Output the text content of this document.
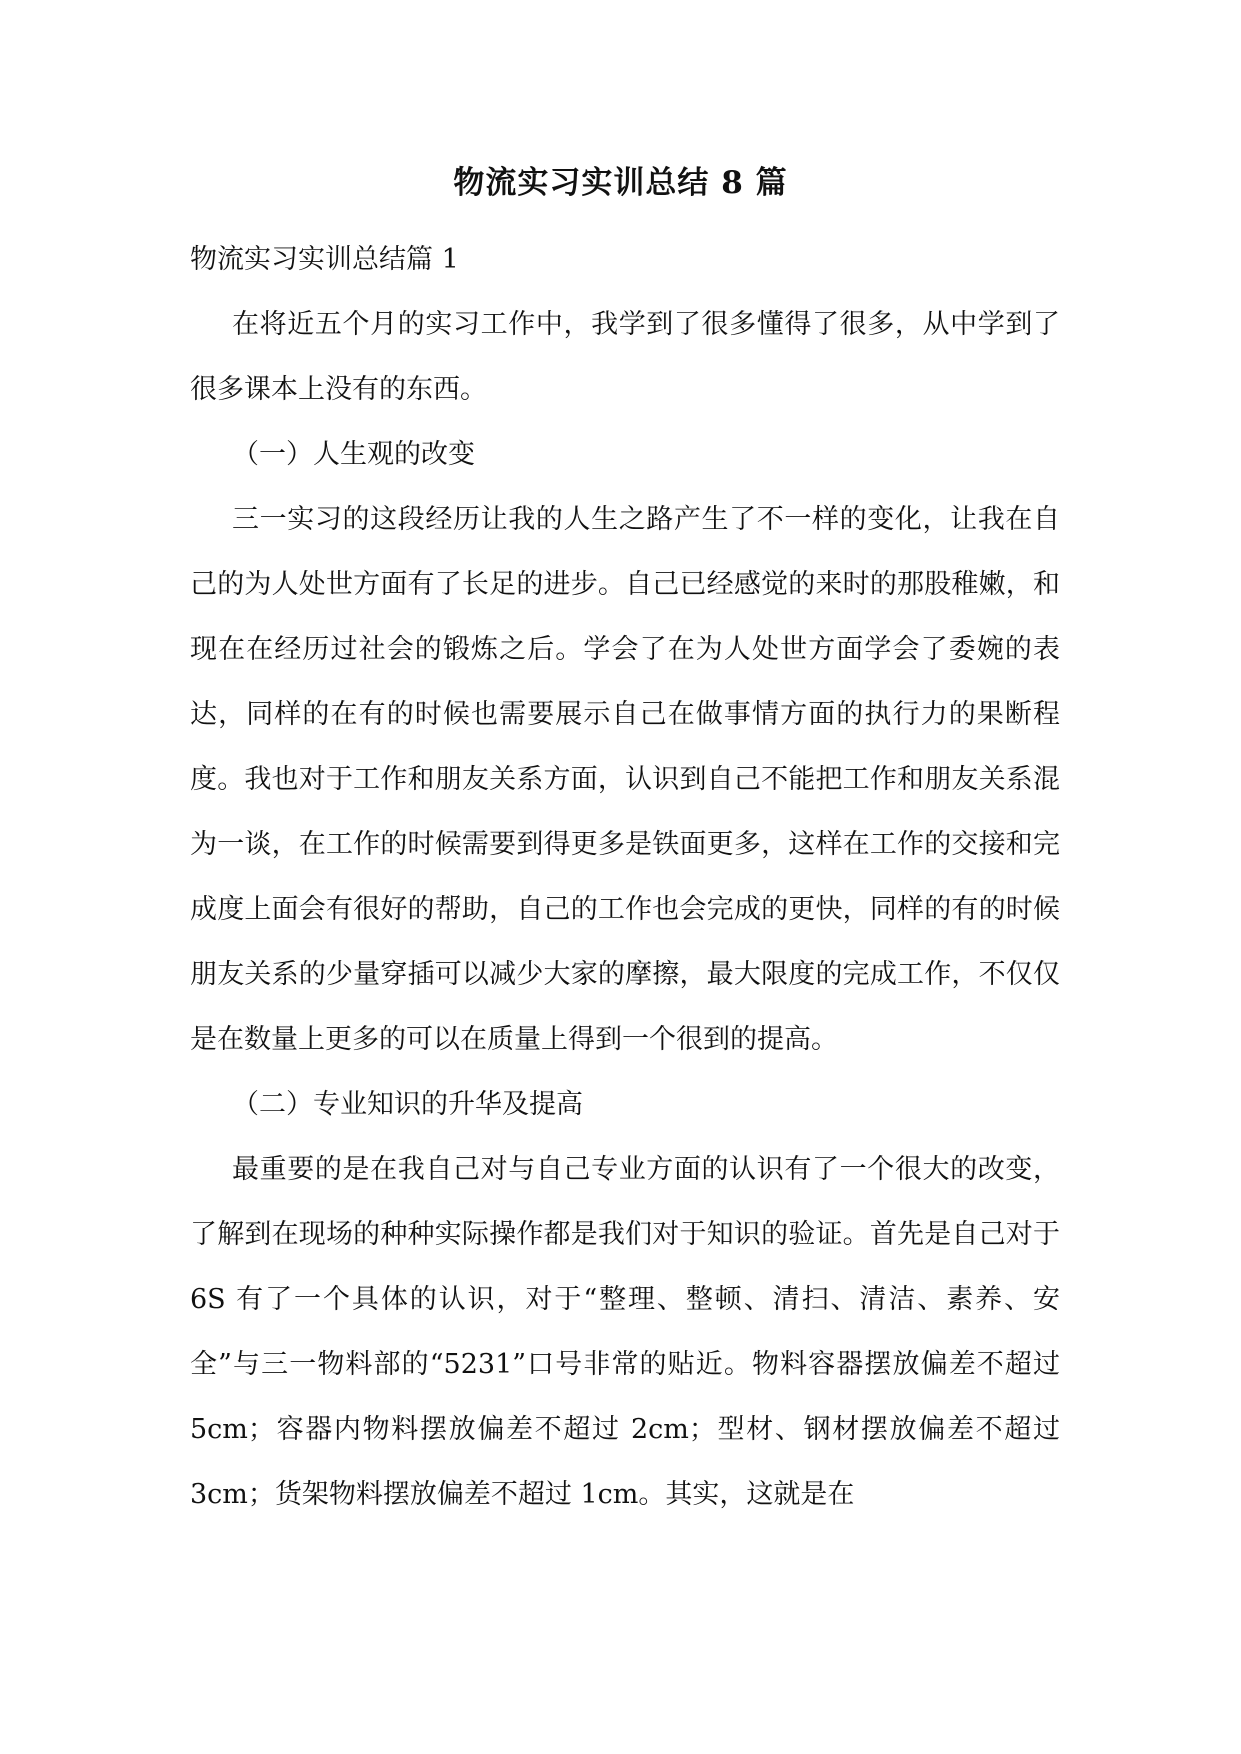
物流实习实训总结 8 篇
物流实习实训总结篇 1

在将近五个月的实习工作中，我学到了很多懂得了很多，从中学到了很多课本上没有的东西。

（一）人生观的改变

三一实习的这段经历让我的人生之路产生了不一样的变化，让我在自己的为人处世方面有了长足的进步。自己已经感觉的来时的那股稚嫩，和现在在经历过社会的锻炼之后。学会了在为人处世方面学会了委婉的表达，同样的在有的时候也需要展示自己在做事情方面的执行力的果断程度。我也对于工作和朋友关系方面，认识到自己不能把工作和朋友关系混为一谈，在工作的时候需要到得更多是铁面更多，这样在工作的交接和完成度上面会有很好的帮助，自己的工作也会完成的更快，同样的有的时候朋友关系的少量穿插可以减少大家的摩擦，最大限度的完成工作，不仅仅是在数量上更多的可以在质量上得到一个很到的提高。

（二）专业知识的升华及提高

最重要的是在我自己对与自己专业方面的认识有了一个很大的改变，了解到在现场的种种实际操作都是我们对于知识的验证。首先是自己对于 6S 有了一个具体的认识，对于“整理、整顿、清扫、清洁、素养、安全”与三一物料部的“5231”口号非常的贴近。物料容器摆放偏差不超过 5cm；容器内物料摆放偏差不超过 2cm；型材、钢材摆放偏差不超过 3cm；货架物料摆放偏差不超过 1cm。其实，这就是在
